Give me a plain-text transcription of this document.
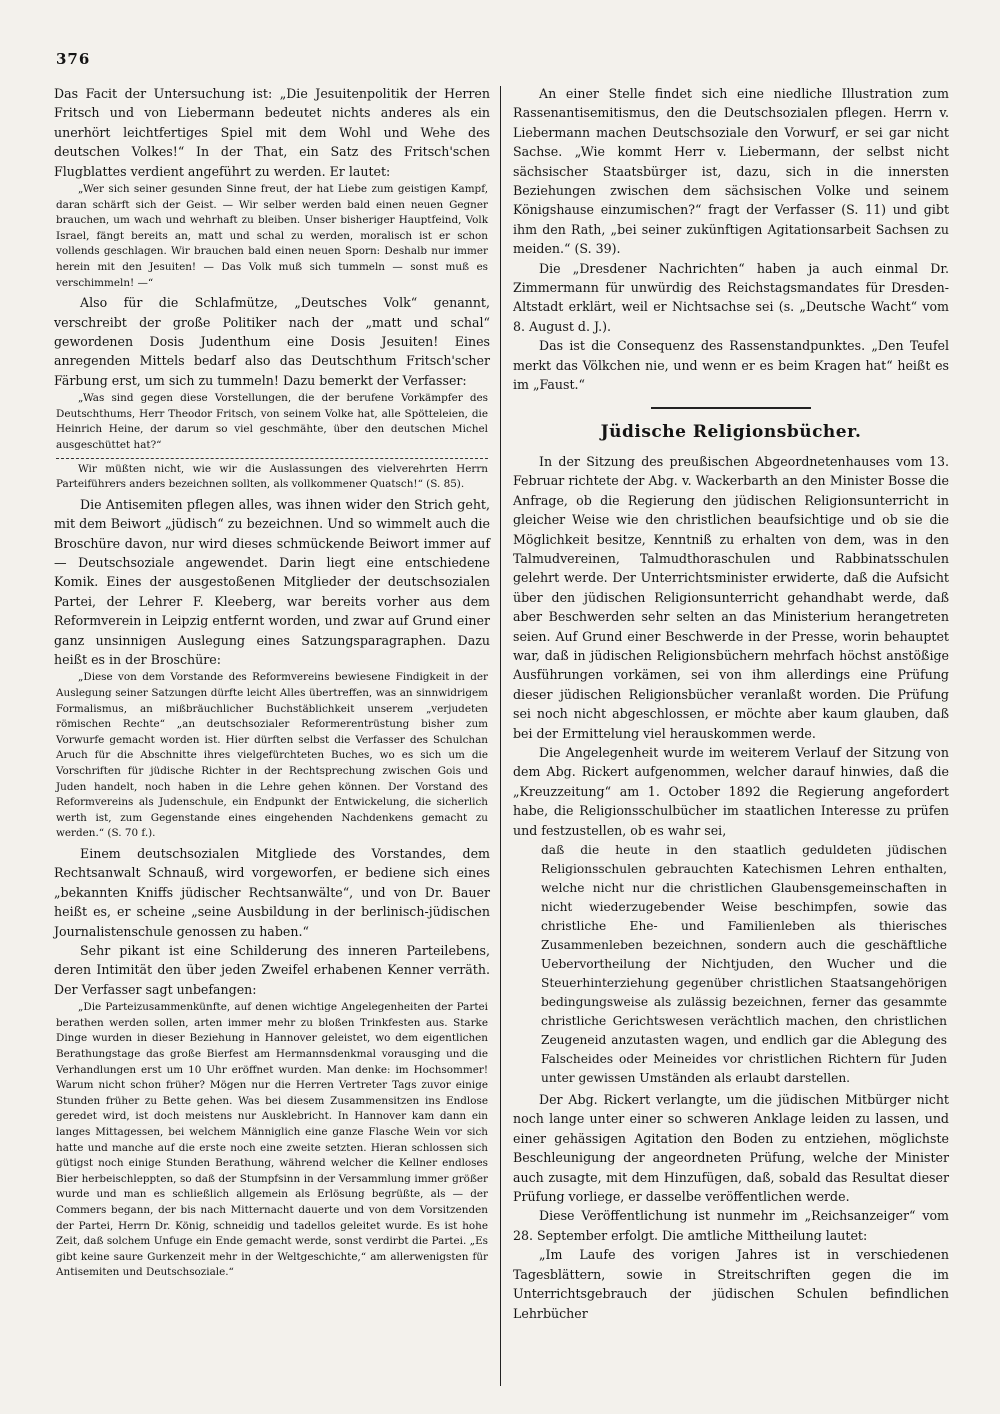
376

Das Facit der Untersuchung ist: „Die Jesuitenpolitik der Herren Fritsch und von Liebermann bedeutet nichts anderes als ein unerhört leichtfertiges Spiel mit dem Wohl und Wehe des deutschen Volkes!“ In der That, ein Satz des Fritsch'schen Flugblattes verdient angeführt zu werden. Er lautet:

„Wer sich seiner gesunden Sinne freut, der hat Liebe zum geistigen Kampf, daran schärft sich der Geist. — Wir selber werden bald einen neuen Gegner brauchen, um wach und wehrhaft zu bleiben. Unser bisheriger Hauptfeind, Volk Israel, fängt bereits an, matt und schal zu werden, moralisch ist er schon vollends geschlagen. Wir brauchen bald einen neuen Sporn: Deshalb nur immer herein mit den Jesuiten! — Das Volk muß sich tummeln — sonst muß es verschimmeln! —“

Also für die Schlafmütze, „Deutsches Volk“ genannt, verschreibt der große Politiker nach der „matt und schal“ gewordenen Dosis Judenthum eine Dosis Jesuiten! Eines anregenden Mittels bedarf also das Deutschthum Fritsch'scher Färbung erst, um sich zu tummeln! Dazu bemerkt der Verfasser:

„Was sind gegen diese Vorstellungen, die der berufene Vorkämpfer des Deutschthums, Herr Theodor Fritsch, von seinem Volke hat, alle Spötteleien, die Heinrich Heine, der darum so viel geschmähte, über den deutschen Michel ausgeschüttet hat?“

Wir müßten nicht, wie wir die Auslassungen des vielverehrten Herrn Parteiführers anders bezeichnen sollten, als vollkommener Quatsch!“ (S. 85).

Die Antisemiten pflegen alles, was ihnen wider den Strich geht, mit dem Beiwort „jüdisch“ zu bezeichnen. Und so wimmelt auch die Broschüre davon, nur wird dieses schmückende Beiwort immer auf — Deutschsoziale angewendet. Darin liegt eine entschiedene Komik. Eines der ausgestoßenen Mitglieder der deutschsozialen Partei, der Lehrer F. Kleeberg, war bereits vorher aus dem Reformverein in Leipzig entfernt worden, und zwar auf Grund einer ganz unsinnigen Auslegung eines Satzungsparagraphen. Dazu heißt es in der Broschüre:

„Diese von dem Vorstande des Reformvereins bewiesene Findigkeit in der Auslegung seiner Satzungen dürfte leicht Alles übertreffen, was an sinnwidrigem Formalismus, an mißbräuchlicher Buchstäblichkeit unserem „verjudeten römischen Rechte“ „an deutschsozialer Reformerentrüstung bisher zum Vorwurfe gemacht worden ist. Hier dürften selbst die Verfasser des Schulchan Aruch für die Abschnitte ihres vielgefürchteten Buches, wo es sich um die Vorschriften für jüdische Richter in der Rechtsprechung zwischen Gois und Juden handelt, noch haben in die Lehre gehen können. Der Vorstand des Reformvereins als Judenschule, ein Endpunkt der Entwickelung, die sicherlich werth ist, zum Gegenstande eines eingehenden Nachdenkens gemacht zu werden.“ (S. 70 f.).

Einem deutschsozialen Mitgliede des Vorstandes, dem Rechtsanwalt Schnauß, wird vorgeworfen, er bediene sich eines „bekannten Kniffs jüdischer Rechtsanwälte“, und von Dr. Bauer heißt es, er scheine „seine Ausbildung in der berlinisch-jüdischen Journalistenschule genossen zu haben.“

Sehr pikant ist eine Schilderung des inneren Parteilebens, deren Intimität den über jeden Zweifel erhabenen Kenner verräth. Der Verfasser sagt unbefangen:

„Die Parteizusammenkünfte, auf denen wichtige Angelegenheiten der Partei berathen werden sollen, arten immer mehr zu bloßen Trinkfesten aus. Starke Dinge wurden in dieser Beziehung in Hannover geleistet, wo dem eigentlichen Berathungstage das große Bierfest am Hermannsdenkmal vorausging und die Verhandlungen erst um 10 Uhr eröffnet wurden. Man denke: im Hochsommer! Warum nicht schon früher? Mögen nur die Herren Vertreter Tags zuvor einige Stunden früher zu Bette gehen. Was bei diesem Zusammensitzen ins Endlose geredet wird, ist doch meistens nur Ausklebricht. In Hannover kam dann ein langes Mittagessen, bei welchem Männiglich eine ganze Flasche Wein vor sich hatte und manche auf die erste noch eine zweite setzten. Hieran schlossen sich gütigst noch einige Stunden Berathung, während welcher die Kellner endloses Bier herbeischleppten, so daß der Stumpfsinn in der Versammlung immer größer wurde und man es schließlich allgemein als Erlösung begrüßte, als — der Commers begann, der bis nach Mitternacht dauerte und von dem Vorsitzenden der Partei, Herrn Dr. König, schneidig und tadellos geleitet wurde. Es ist hohe Zeit, daß solchem Unfuge ein Ende gemacht werde, sonst verdirbt die Partei. „Es gibt keine saure Gurkenzeit mehr in der Weltgeschichte,“ am allerwenigsten für Antisemiten und Deutschsoziale.“

An einer Stelle findet sich eine niedliche Illustration zum Rassenantisemitismus, den die Deutschsozialen pflegen. Herrn v. Liebermann machen Deutschsoziale den Vorwurf, er sei gar nicht Sachse. „Wie kommt Herr v. Liebermann, der selbst nicht sächsischer Staatsbürger ist, dazu, sich in die innersten Beziehungen zwischen dem sächsischen Volke und seinem Königshause einzumischen?“ fragt der Verfasser (S. 11) und gibt ihm den Rath, „bei seiner zukünftigen Agitationsarbeit Sachsen zu meiden.“ (S. 39).

Die „Dresdener Nachrichten“ haben ja auch einmal Dr. Zimmermann für unwürdig des Reichstagsmandates für Dresden-Altstadt erklärt, weil er Nichtsachse sei (s. „Deutsche Wacht“ vom 8. August d. J.).

Das ist die Consequenz des Rassenstandpunktes. „Den Teufel merkt das Völkchen nie, und wenn er es beim Kragen hat“ heißt es im „Faust.“

Jüdische Religionsbücher.

In der Sitzung des preußischen Abgeordnetenhauses vom 13. Februar richtete der Abg. v. Wackerbarth an den Minister Bosse die Anfrage, ob die Regierung den jüdischen Religionsunterricht in gleicher Weise wie den christlichen beaufsichtige und ob sie die Möglichkeit besitze, Kenntniß zu erhalten von dem, was in den Talmudvereinen, Talmudthoraschulen und Rabbinatsschulen gelehrt werde. Der Unterrichtsminister erwiderte, daß die Aufsicht über den jüdischen Religionsunterricht gehandhabt werde, daß aber Beschwerden sehr selten an das Ministerium herangetreten seien. Auf Grund einer Beschwerde in der Presse, worin behauptet war, daß in jüdischen Religionsbüchern mehrfach höchst anstößige Ausführungen vorkämen, sei von ihm allerdings eine Prüfung dieser jüdischen Religionsbücher veranlaßt worden. Die Prüfung sei noch nicht abgeschlossen, er möchte aber kaum glauben, daß bei der Ermittelung viel herauskommen werde.

Die Angelegenheit wurde im weiterem Verlauf der Sitzung von dem Abg. Rickert aufgenommen, welcher darauf hinwies, daß die „Kreuzzeitung“ am 1. October 1892 die Regierung angefordert habe, die Religionsschulbücher im staatlichen Interesse zu prüfen und festzustellen, ob es wahr sei,

daß die heute in den staatlich geduldeten jüdischen Religionsschulen gebrauchten Katechismen Lehren enthalten, welche nicht nur die christlichen Glaubensgemeinschaften in nicht wiederzugebender Weise beschimpfen, sowie das christliche Ehe- und Familienleben als thierisches Zusammenleben bezeichnen, sondern auch die geschäftliche Uebervortheilung der Nichtjuden, den Wucher und die Steuerhinterziehung gegenüber christlichen Staatsangehörigen bedingungsweise als zulässig bezeichnen, ferner das gesammte christliche Gerichtswesen verächtlich machen, den christlichen Zeugeneid anzutasten wagen, und endlich gar die Ablegung des Falscheides oder Meineides vor christlichen Richtern für Juden unter gewissen Umständen als erlaubt darstellen.

Der Abg. Rickert verlangte, um die jüdischen Mitbürger nicht noch lange unter einer so schweren Anklage leiden zu lassen, und einer gehässigen Agitation den Boden zu entziehen, möglichste Beschleunigung der angeordneten Prüfung, welche der Minister auch zusagte, mit dem Hinzufügen, daß, sobald das Resultat dieser Prüfung vorliege, er dasselbe veröffentlichen werde.

Diese Veröffentlichung ist nunmehr im „Reichsanzeiger“ vom 28. September erfolgt. Die amtliche Mittheilung lautet:

„Im Laufe des vorigen Jahres ist in verschiedenen Tagesblättern, sowie in Streitschriften gegen die im Unterrichtsgebrauch der jüdischen Schulen befindlichen Lehrbücher
